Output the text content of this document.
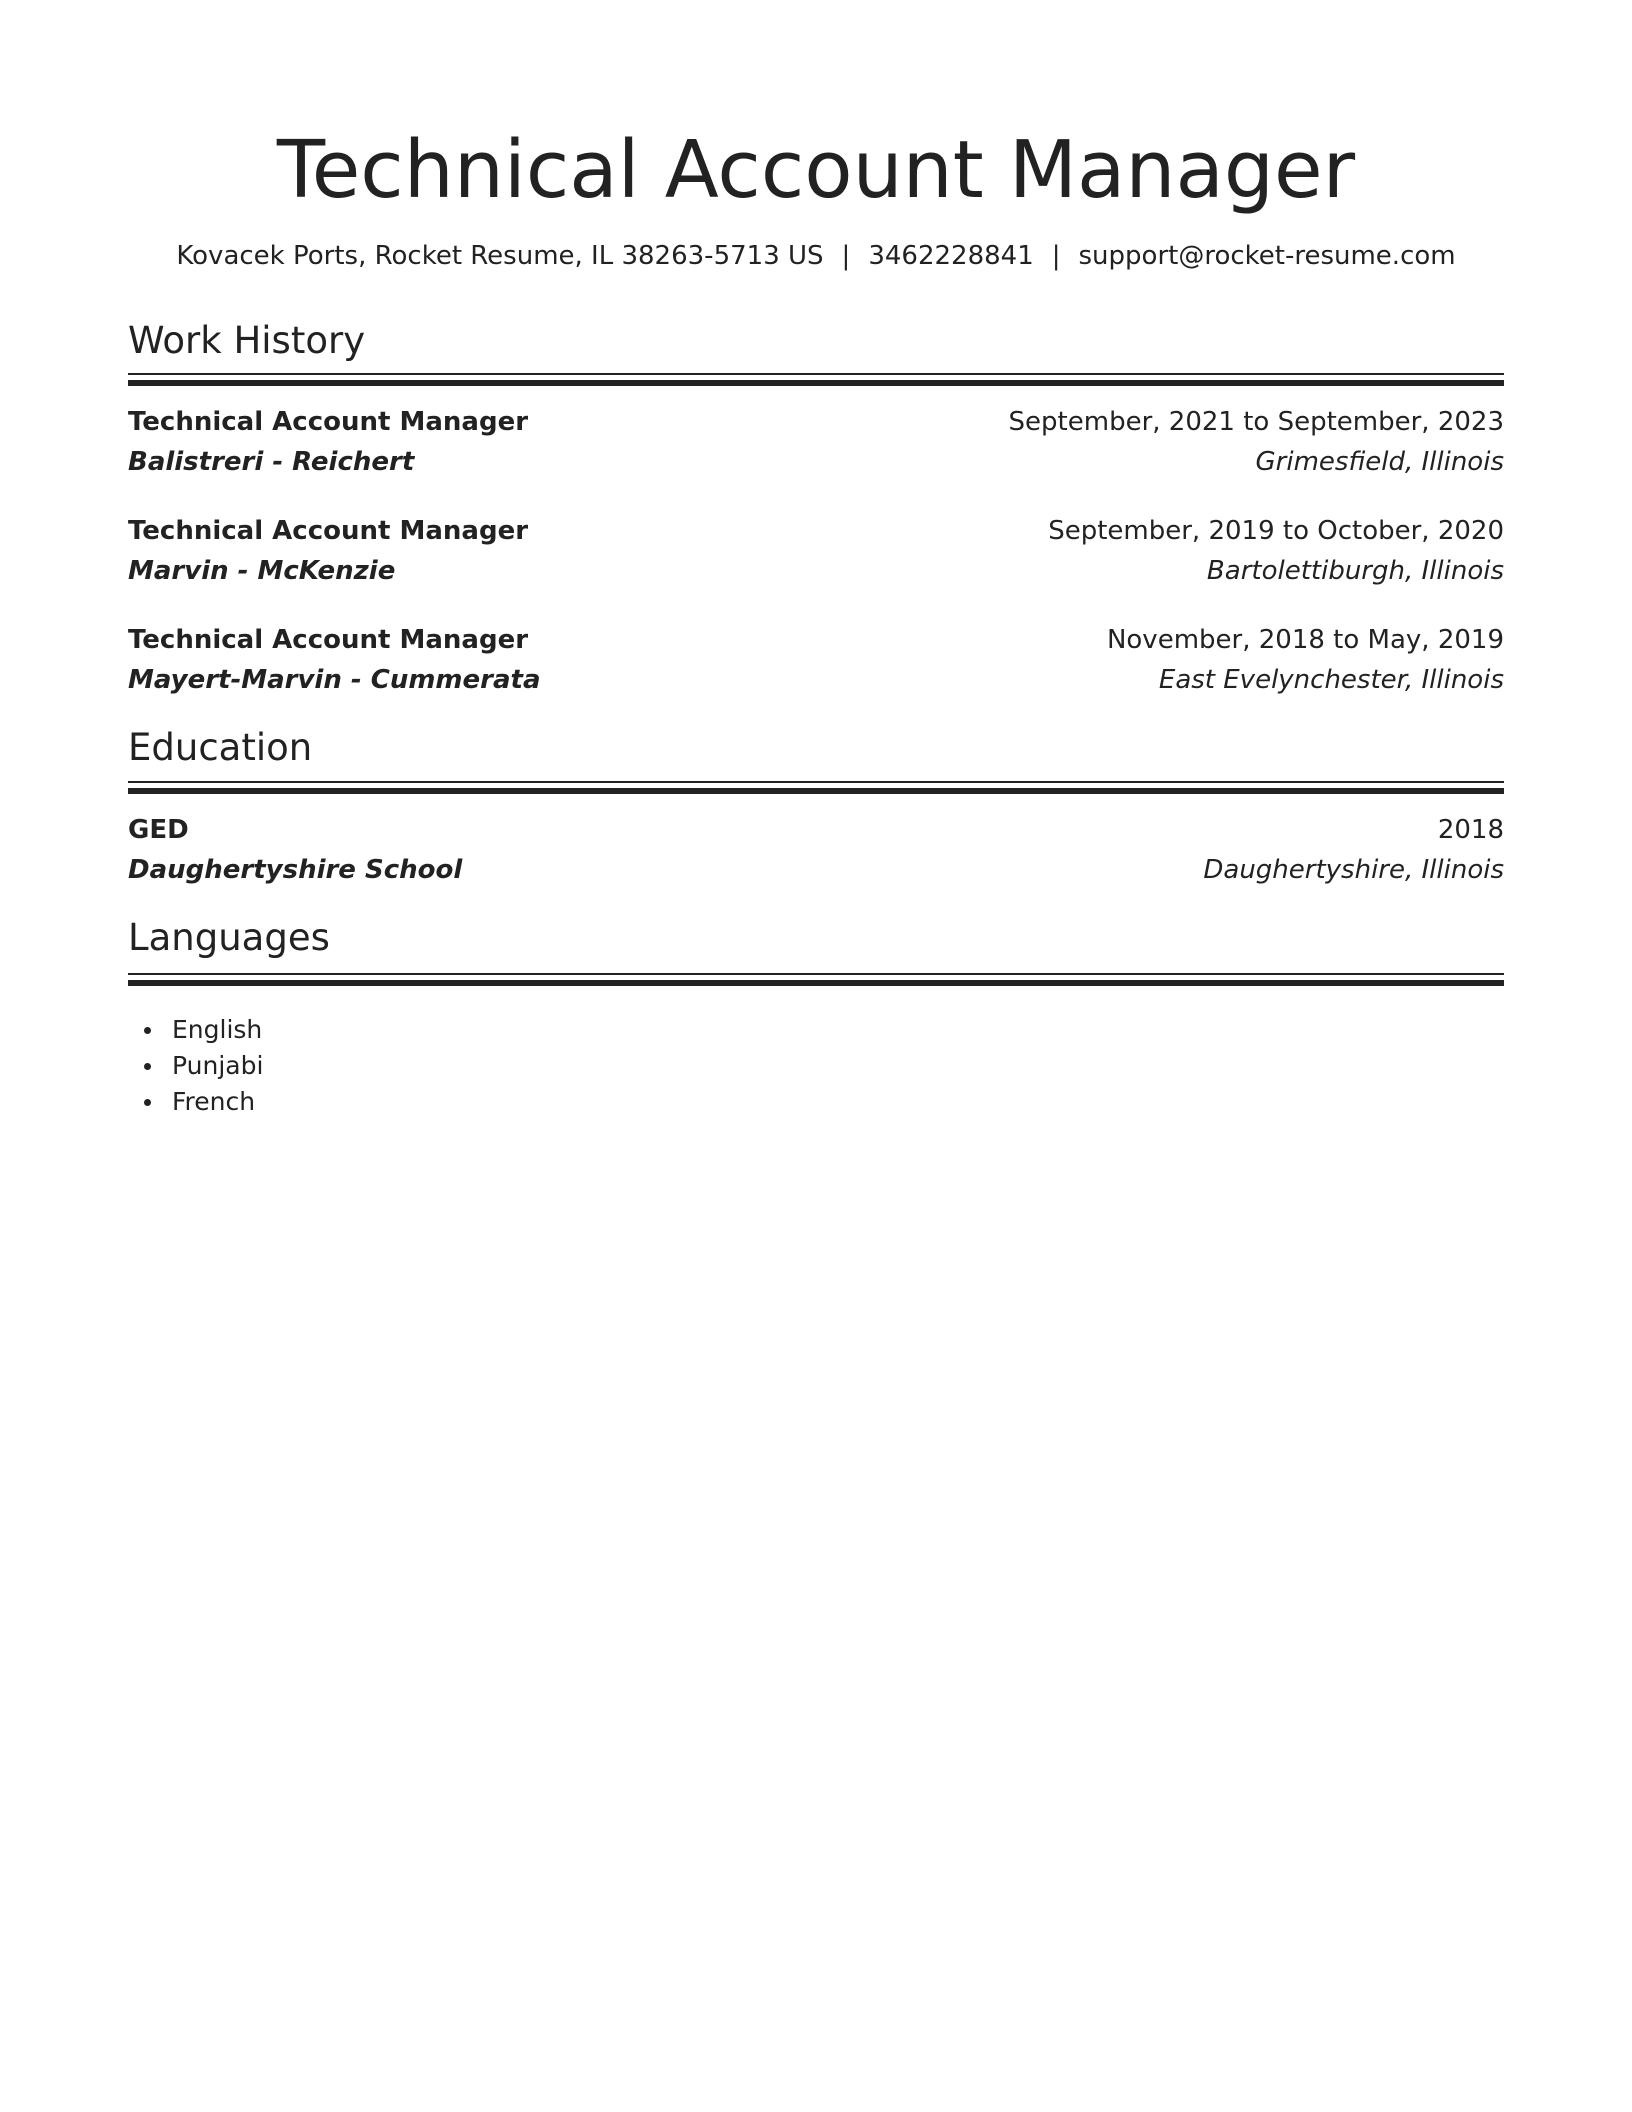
Technical Account Manager
Kovacek Ports, Rocket Resume, IL 38263-5713 US | 3462228841 | support@rocket-resume.com
Work History
Technical Account Manager	September, 2021 to September, 2023
Balistreri - Reichert	Grimesfield, Illinois
Technical Account Manager	September, 2019 to October, 2020
Marvin - McKenzie	Bartolettiburgh, Illinois
Technical Account Manager	November, 2018 to May, 2019
Mayert-Marvin - Cummerata	East Evelynchester, Illinois
Education
GED	2018
Daughertyshire School	Daughertyshire, Illinois
Languages
English
Punjabi
French
